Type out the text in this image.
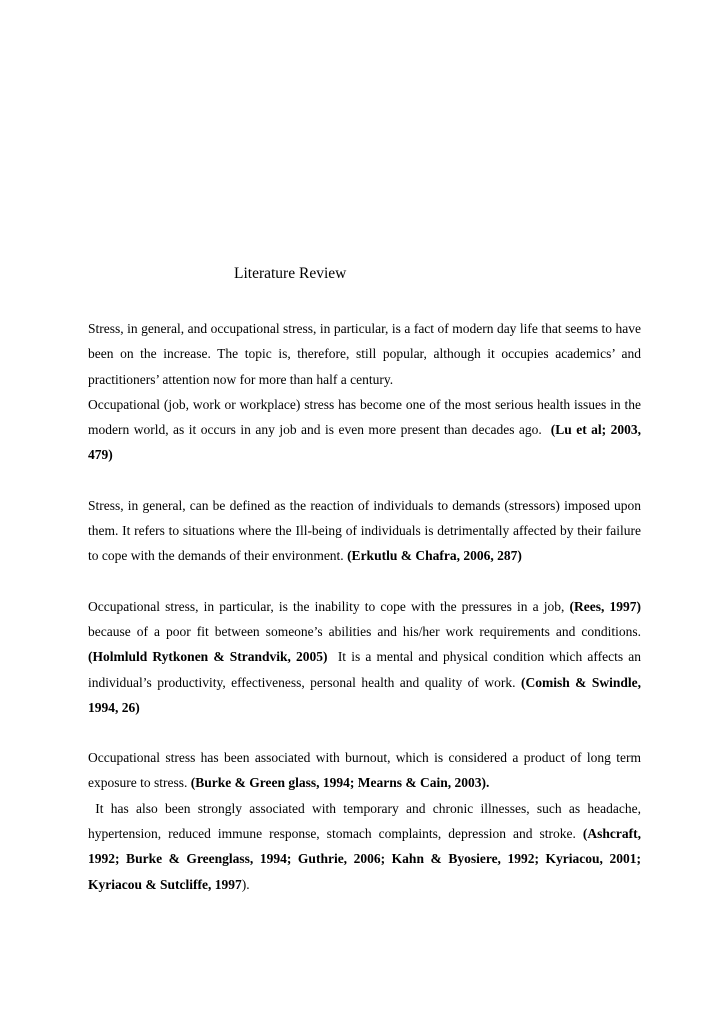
Literature Review

Stress, in general, and occupational stress, in particular, is a fact of modern day life that seems to have been on the increase. The topic is, therefore, still popular, although it occupies academics’ and practitioners’ attention now for more than half a century.

Occupational (job, work or workplace) stress has become one of the most serious health issues in the modern world, as it occurs in any job and is even more present than decades ago. (Lu et al; 2003, 479)

Stress, in general, can be defined as the reaction of individuals to demands (stressors) imposed upon them. It refers to situations where the Ill-being of individuals is detrimentally affected by their failure to cope with the demands of their environment. (Erkutlu & Chafra, 2006, 287)

Occupational stress, in particular, is the inability to cope with the pressures in a job, (Rees, 1997) because of a poor fit between someone’s abilities and his/her work requirements and conditions. (Holmluld Rytkonen & Strandvik, 2005) It is a mental and physical condition which affects an individual’s productivity, effectiveness, personal health and quality of work. (Comish & Swindle, 1994, 26)

Occupational stress has been associated with burnout, which is considered a product of long term exposure to stress. (Burke & Green glass, 1994; Mearns & Cain, 2003).

It has also been strongly associated with temporary and chronic illnesses, such as headache, hypertension, reduced immune response, stomach complaints, depression and stroke. (Ashcraft, 1992; Burke & Greenglass, 1994; Guthrie, 2006; Kahn & Byosiere, 1992; Kyriacou, 2001; Kyriacou & Sutcliffe, 1997).
